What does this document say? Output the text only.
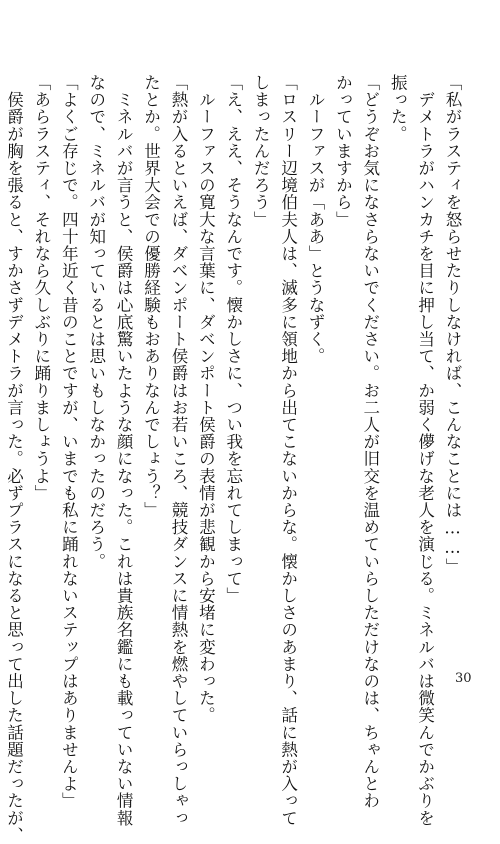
「私がラスティを怒らせたりしなければ、こんなことには……」
　デメトラがハンカチを目に押し当て、か弱く儚げな老人を演じる。ミネルバは微笑んでかぶりを
振った。
「どうぞお気になさらないでください。お二人が旧交を温めていらしただけなのは、ちゃんとわ
かっていますから」
　ルーファスが「ああ」とうなずく。
「ロスリー辺境伯夫人は、滅多に領地から出てこないからな。懐かしさのあまり、話に熱が入って
しまったんだろう」
「え、ええ、そうなんです。懐かしさに、つい我を忘れてしまって」
　ルーファスの寛大な言葉に、ダベンポート侯爵の表情が悲観から安堵に変わった。
「熱が入るといえば、ダベンポート侯爵はお若いころ、競技ダンスに情熱を燃やしていらっしゃっ
たとか。世界大会での優勝経験もおありなんでしょう？」
　ミネルバが言うと、侯爵は心底驚いたような顔になった。これは貴族名鑑にも載っていない情報
なので、ミネルバが知っているとは思いもしなかったのだろう。
「よくご存じで。四十年近く昔のことですが、いまでも私に踊れないステップはありませんよ」
「あらラスティ、それなら久しぶりに踊りましょうよ」
　侯爵が胸を張ると、すかさずデメトラが言った。必ずプラスになると思って出した話題だったが、	30
